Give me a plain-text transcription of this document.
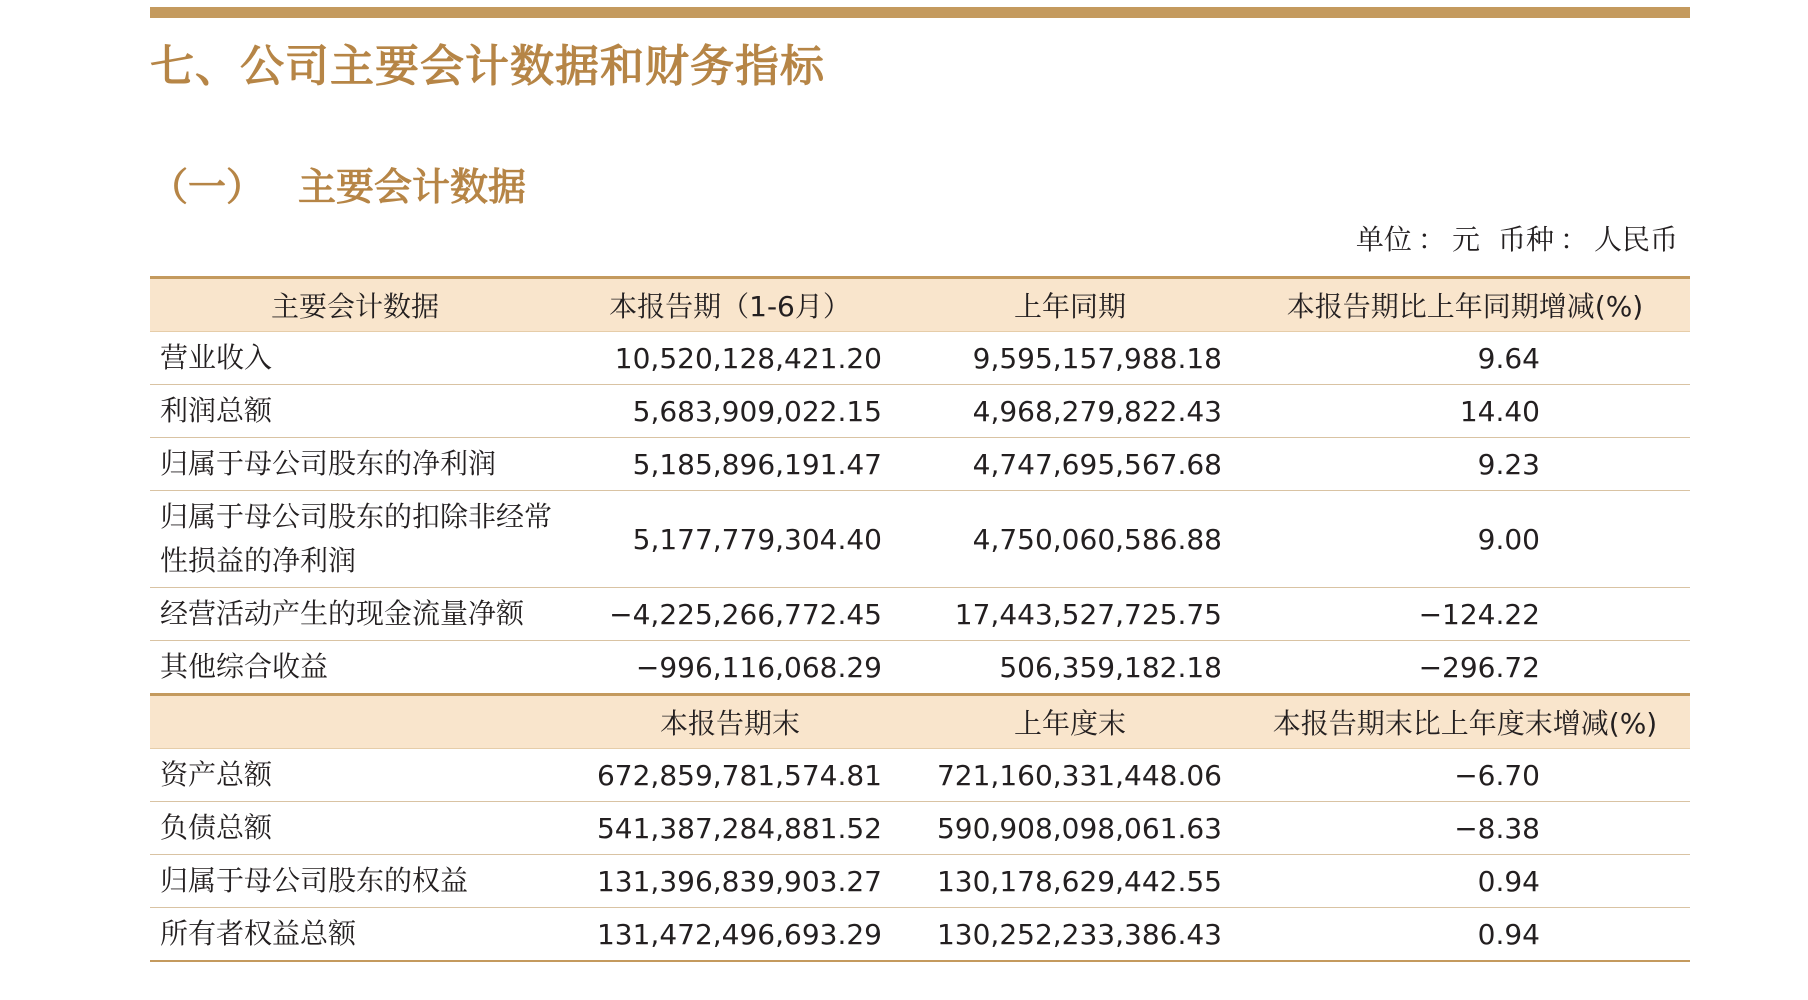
七、公司主要会计数据和财务指标
（一） 主要会计数据
单位 ： 元 币种 ： 人民币
主要会计数据	本报告期（1-6月）	上年同期	本报告期比上年同期增减(%)
营业收入	10,520,128,421.20	9,595,157,988.18	9.64
利润总额	5,683,909,022.15	4,968,279,822.43	14.40
归属于母公司股东的净利润	5,185,896,191.47	4,747,695,567.68	9.23
归属于母公司股东的扣除非经常性损益的净利润	5,177,779,304.40	4,750,060,586.88	9.00
经营活动产生的现金流量净额	−4,225,266,772.45	17,443,527,725.75	−124.22
其他综合收益	−996,116,068.29	506,359,182.18	−296.72
	本报告期末	上年度末	本报告期末比上年度末增减(%)
资产总额	672,859,781,574.81	721,160,331,448.06	−6.70
负债总额	541,387,284,881.52	590,908,098,061.63	−8.38
归属于母公司股东的权益	131,396,839,903.27	130,178,629,442.55	0.94
所有者权益总额	131,472,496,693.29	130,252,233,386.43	0.94
